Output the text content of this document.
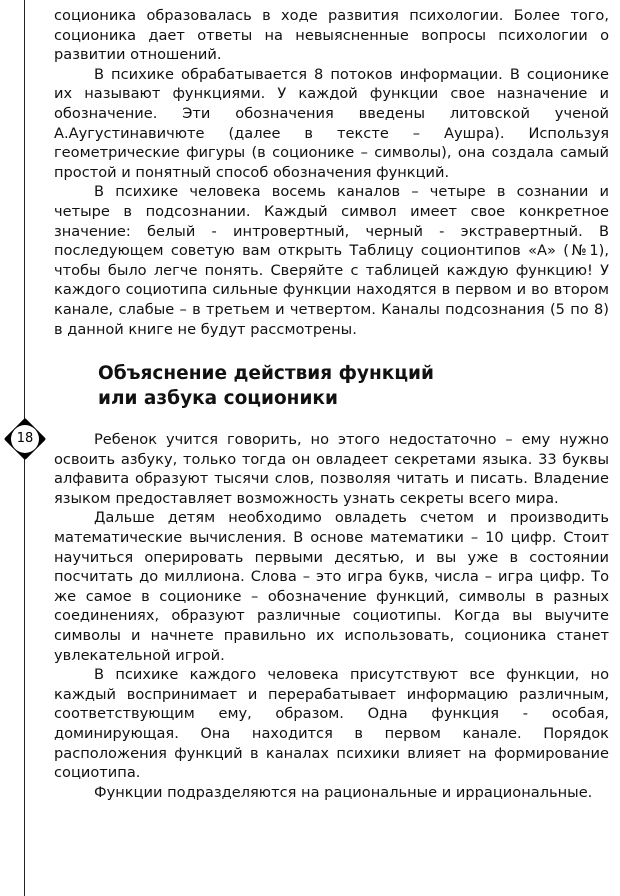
18

соционика образовалась в ходе развития психологии. Более того, соционика дает ответы на невыясненные вопросы психологии о развитии отношений.

В психике обрабатывается 8 потоков информации. В соционике их называют функциями. У каждой функции свое назначение и обозначение. Эти обозначения введены литовской ученой А.Аугустинавичюте (далее в тексте – Аушра). Используя геометрические фигуры (в соционике – символы), она создала самый простой и понятный способ обозначения функций.

В психике человека восемь каналов – четыре в сознании и четыре в подсознании. Каждый символ имеет свое конкретное значение: белый - интровертный, черный - экстравертный. В последующем советую вам открыть Таблицу соционтипов «А» (№1), чтобы было легче понять. Сверяйте с таблицей каждую функцию! У каждого социотипа сильные функции находятся в первом и во втором канале, слабые – в третьем и четвертом. Каналы подсознания (5 по 8) в данной книге не будут рассмотрены.

Объяснение действия функций
или азбука соционики

Ребенок учится говорить, но этого недостаточно – ему нужно освоить азбуку, только тогда он овладеет секретами языка. 33 буквы алфавита образуют тысячи слов, позволяя читать и писать. Владение языком предоставляет возможность узнать секреты всего мира.

Дальше детям необходимо овладеть счетом и производить математические вычисления. В основе математики – 10 цифр. Стоит научиться оперировать первыми десятью, и вы уже в состоянии посчитать до миллиона. Слова – это игра букв, числа – игра цифр. То же самое в соционике – обозначение функций, символы в разных соединениях, образуют различные социотипы. Когда вы выучите символы и начнете правильно их использовать, соционика станет увлекательной игрой.

В психике каждого человека присутствуют все функции, но каждый воспринимает и перерабатывает информацию различным, соответствующим ему, образом. Одна функция - особая, доминирующая. Она находится в первом канале. Порядок расположения функций в каналах психики влияет на формирование социотипа.

Функции подразделяются на рациональные и иррациональные.
